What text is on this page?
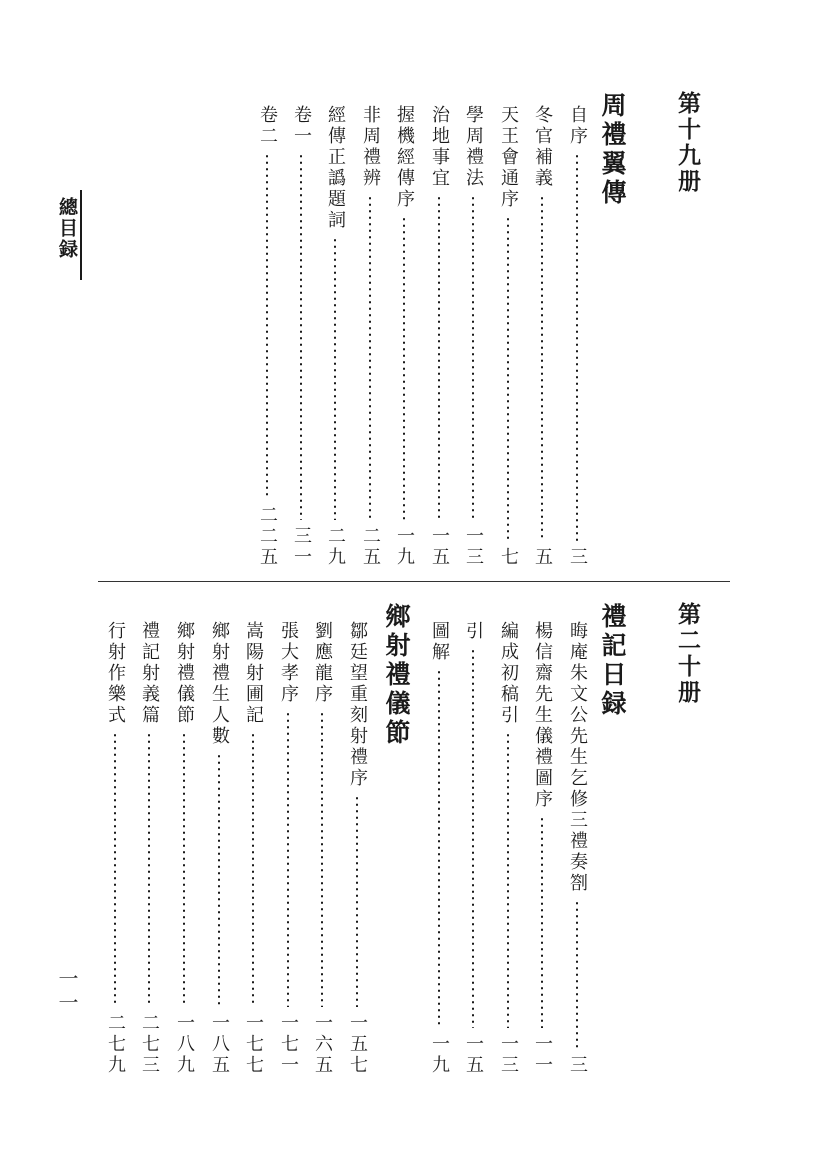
總目録
第十九册
周禮翼傳
自序
三
冬官補義
五
天王會通序
七
學周禮法
一三
治地事宜
一五
握機經傳序
一九
非周禮辨
二五
經傳正譌題詞
二九
卷一
三一
卷二
二二五
第二十册
禮記日録
晦庵朱文公先生乞修三禮奏劄
三
楊信齋先生儀禮圖序
一一
編成初稿引
一三
引
一五
圖解
一九
鄉射禮儀節
鄒廷望重刻射禮序
一五七
劉應龍序
一六五
張大孝序
一七一
嵩陽射圃記
一七七
鄉射禮生人數
一八五
鄉射禮儀節
一八九
禮記射義篇
二七三
行射作樂式
二七九
一一
